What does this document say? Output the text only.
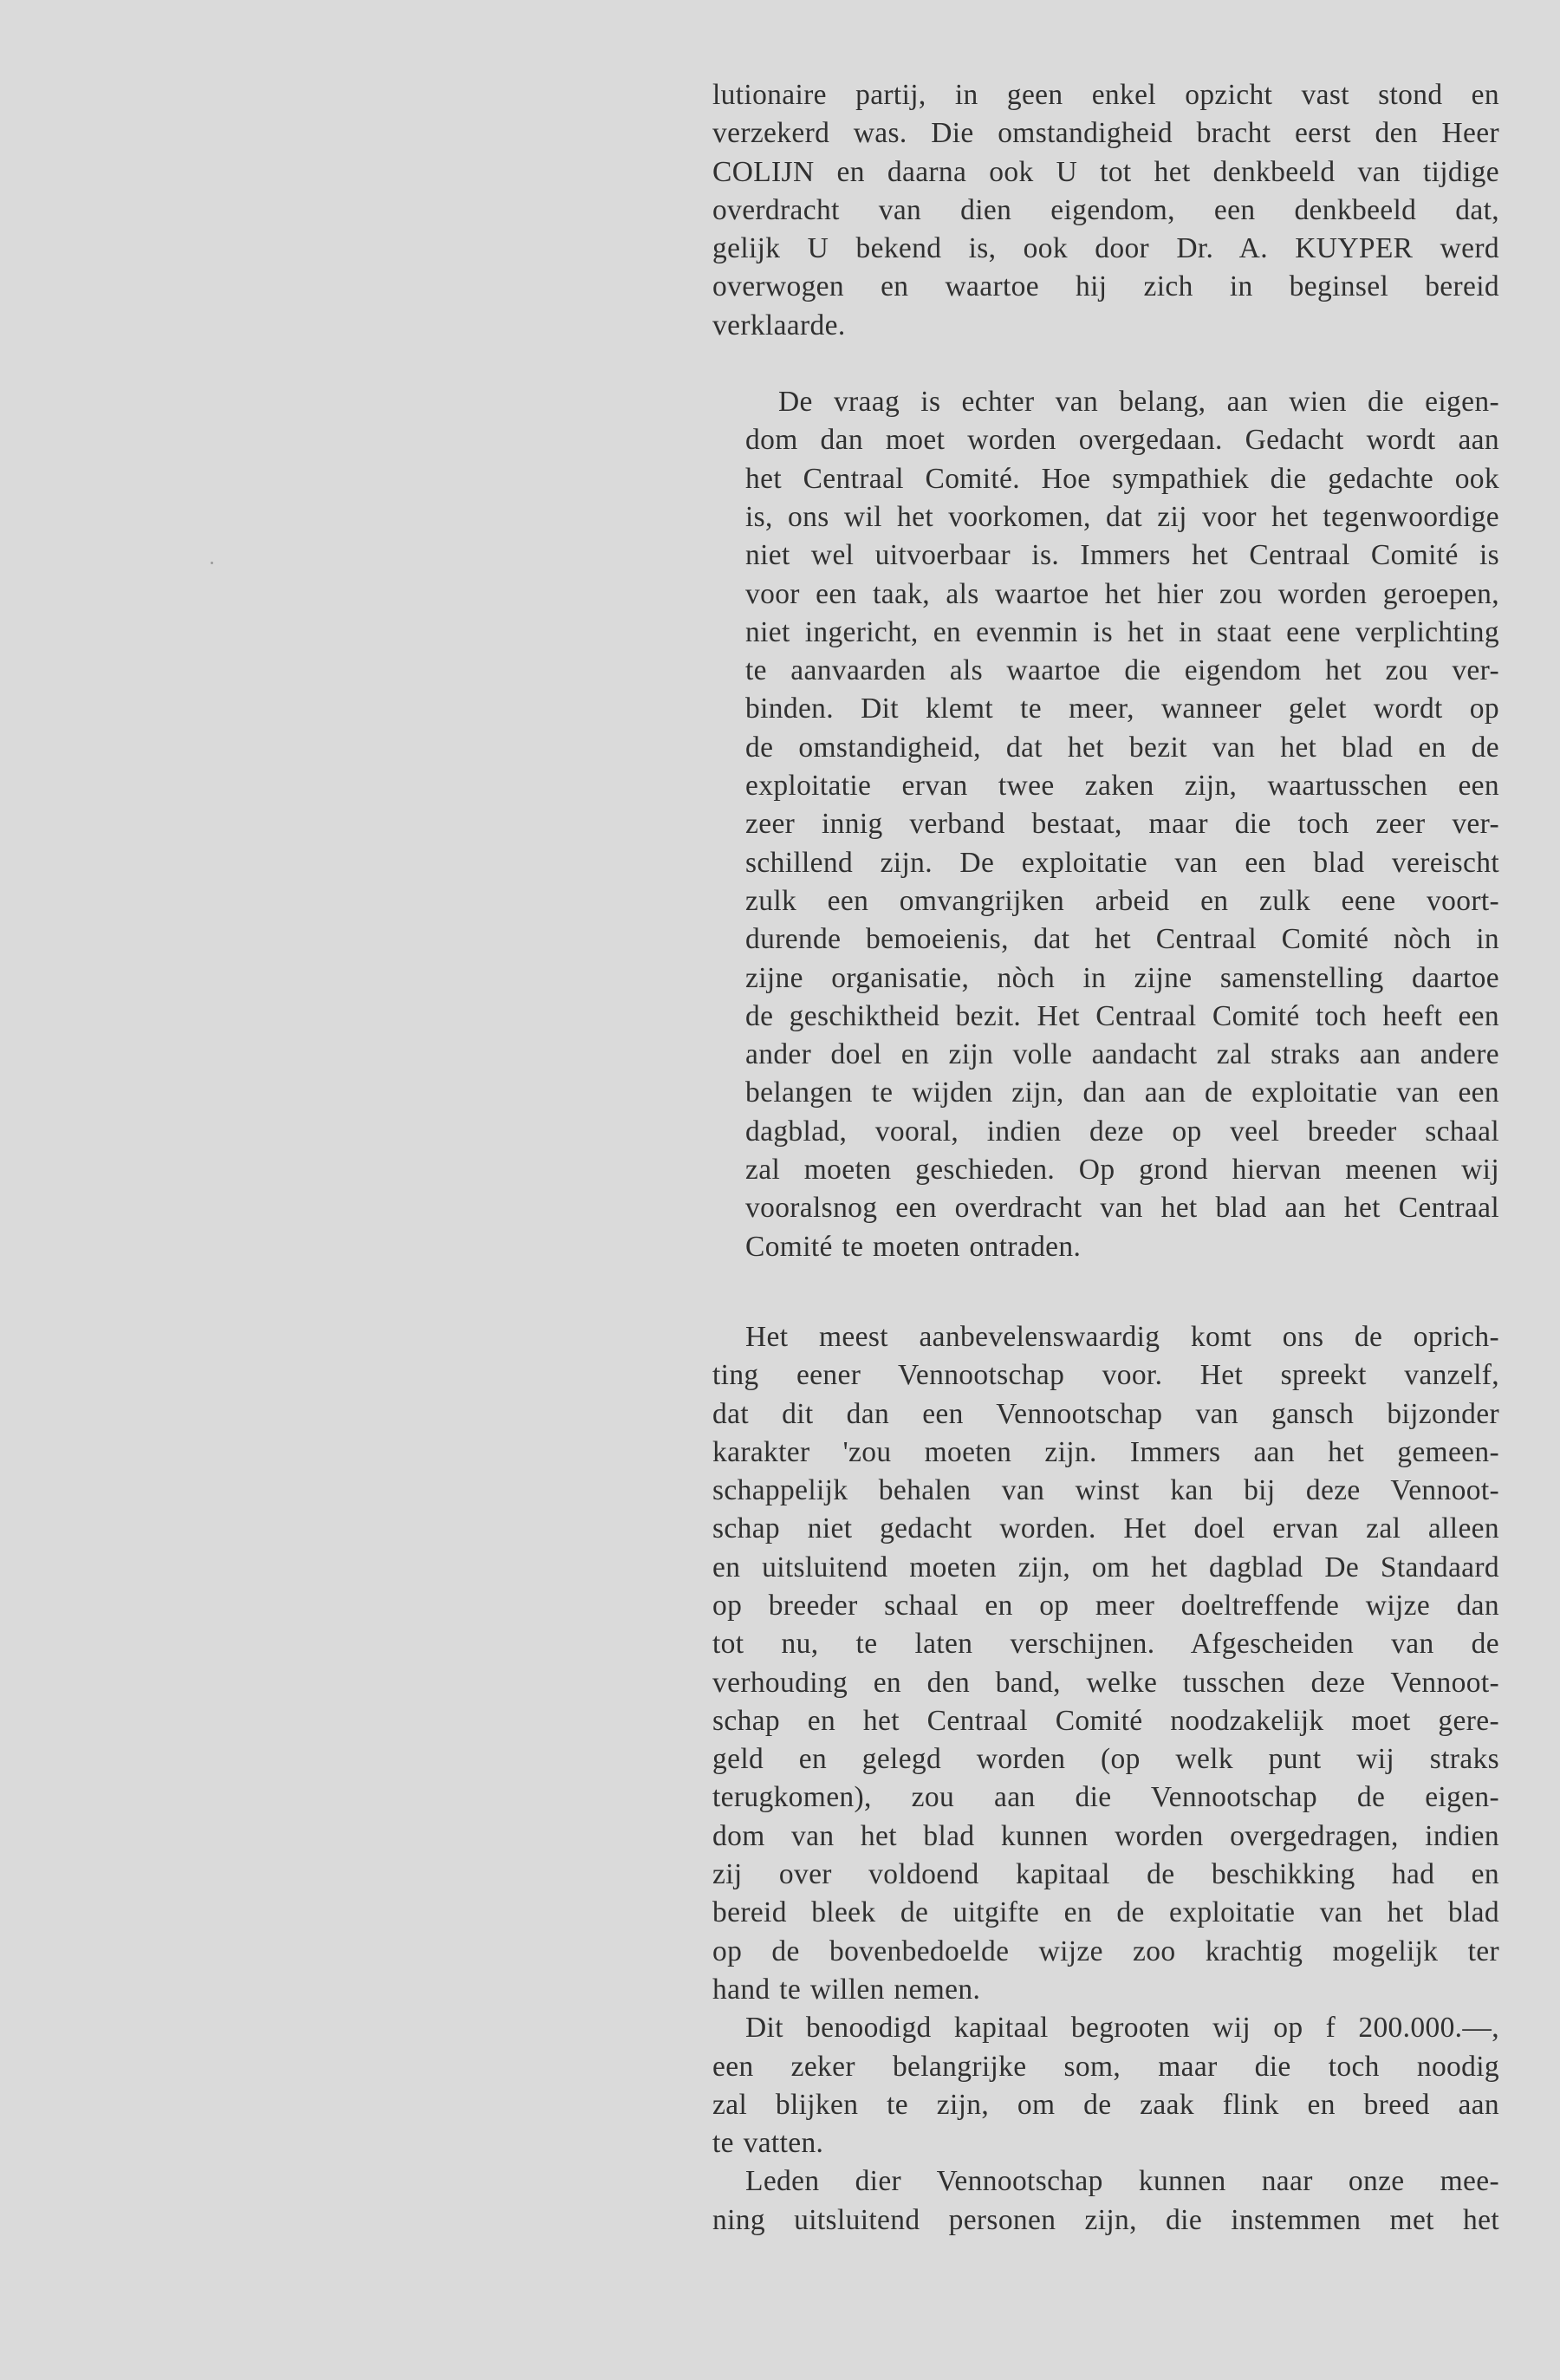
lutionaire partij, in geen enkel opzicht vast stond en
verzekerd was. Die omstandigheid bracht eerst den Heer
COLIJN en daarna ook U tot het denkbeeld van tijdige
overdracht van dien eigendom, een denkbeeld dat,
gelijk U bekend is, ook door Dr. A. KUYPER werd
overwogen en waartoe hij zich in beginsel bereid
verklaarde.

De vraag is echter van belang, aan wien die eigen-
dom dan moet worden overgedaan. Gedacht wordt aan
het Centraal Comité. Hoe sympathiek die gedachte ook
is, ons wil het voorkomen, dat zij voor het tegenwoordige
niet wel uitvoerbaar is. Immers het Centraal Comité is
voor een taak, als waartoe het hier zou worden geroepen,
niet ingericht, en evenmin is het in staat eene verplichting
te aanvaarden als waartoe die eigendom het zou ver-
binden. Dit klemt te meer, wanneer gelet wordt op
de omstandigheid, dat het bezit van het blad en de
exploitatie ervan twee zaken zijn, waartusschen een
zeer innig verband bestaat, maar die toch zeer ver-
schillend zijn. De exploitatie van een blad vereischt
zulk een omvangrijken arbeid en zulk eene voort-
durende bemoeienis, dat het Centraal Comité nòch in
zijne organisatie, nòch in zijne samenstelling daartoe
de geschiktheid bezit. Het Centraal Comité toch heeft een
ander doel en zijn volle aandacht zal straks aan andere
belangen te wijden zijn, dan aan de exploitatie van een
dagblad, vooral, indien deze op veel breeder schaal
zal moeten geschieden. Op grond hiervan meenen wij
vooralsnog een overdracht van het blad aan het Centraal
Comité te moeten ontraden.

Het meest aanbevelenswaardig komt ons de oprich-
ting eener Vennootschap voor. Het spreekt vanzelf,
dat dit dan een Vennootschap van gansch bijzonder
karakter 'zou moeten zijn. Immers aan het gemeen-
schappelijk behalen van winst kan bij deze Vennoot-
schap niet gedacht worden. Het doel ervan zal alleen
en uitsluitend moeten zijn, om het dagblad De Standaard
op breeder schaal en op meer doeltreffende wijze dan
tot nu, te laten verschijnen. Afgescheiden van de
verhouding en den band, welke tusschen deze Vennoot-
schap en het Centraal Comité noodzakelijk moet gere-
geld en gelegd worden (op welk punt wij straks
terugkomen), zou aan die Vennootschap de eigen-
dom van het blad kunnen worden overgedragen, indien
zij over voldoend kapitaal de beschikking had en
bereid bleek de uitgifte en de exploitatie van het blad
op de bovenbedoelde wijze zoo krachtig mogelijk ter
hand te willen nemen.

Dit benoodigd kapitaal begrooten wij op f 200.000.—,
een zeker belangrijke som, maar die toch noodig
zal blijken te zijn, om de zaak flink en breed aan
te vatten.

Leden dier Vennootschap kunnen naar onze mee-
ning uitsluitend personen zijn, die instemmen met het
